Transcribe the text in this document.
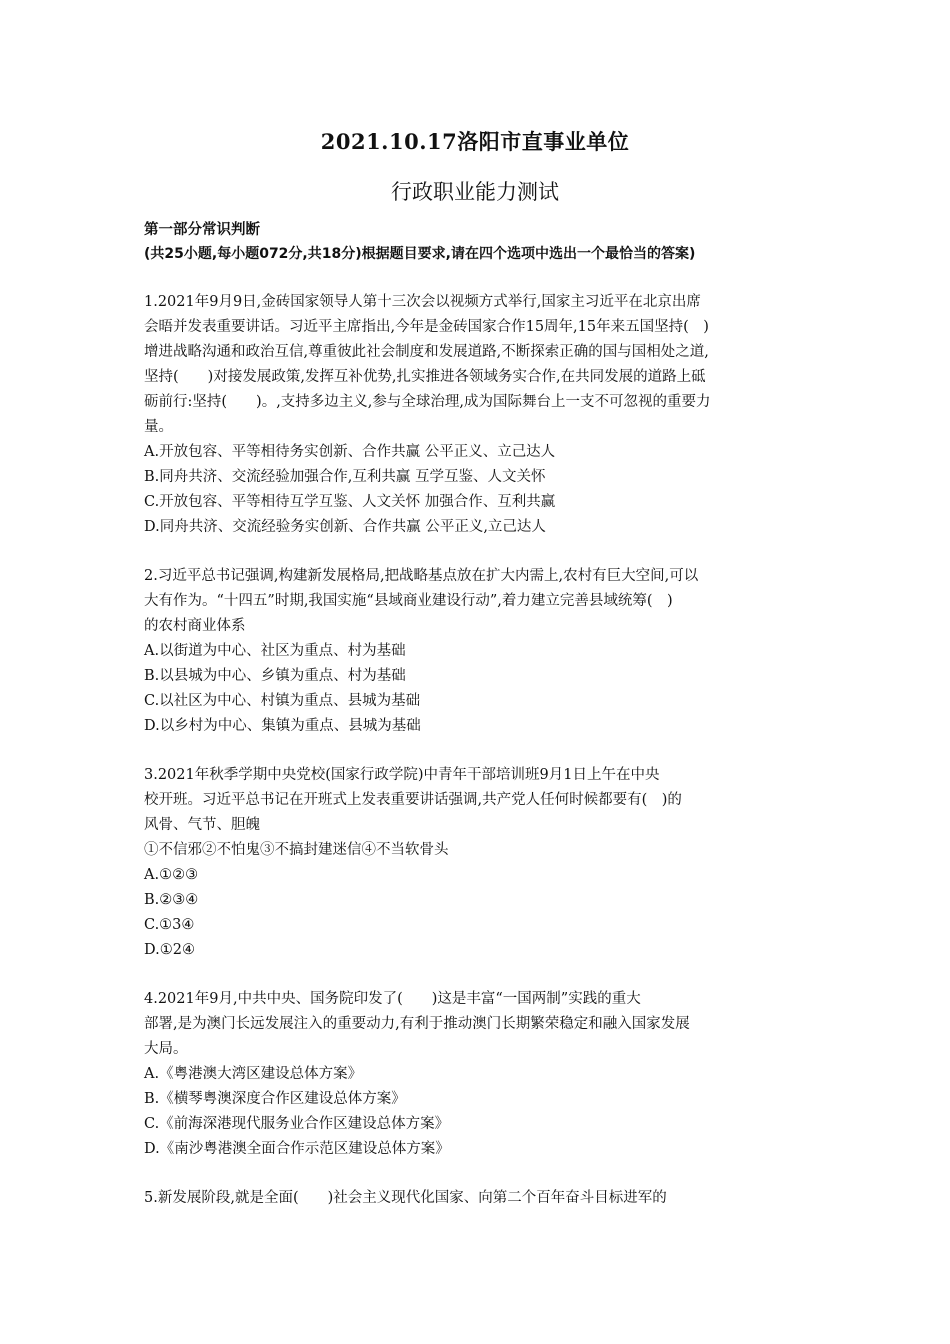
2021.10.17洛阳市直事业单位
行政职业能力测试

第一部分常识判断

(共25小题,每小题072分,共18分)根据题目要求,请在四个选项中选出一个最恰当的答案)

1.2021年9月9日,金砖国家领导人第十三次会以视频方式举行,国家主习近平在北京出席

会晤并发表重要讲话。习近平主席指出,今年是金砖国家合作15周年,15年来五国坚持(　)

增进战略沟通和政治互信,尊重彼此社会制度和发展道路,不断探索正确的国与国相处之道,

坚持(　　)对接发展政策,发挥互补优势,扎实推进各领域务实合作,在共同发展的道路上砥

砺前行:坚持(　　)。,支持多边主义,参与全球治理,成为国际舞台上一支不可忽视的重要力

量。

A.开放包容、平等相待务实创新、合作共赢 公平正义、立己达人

B.同舟共济、交流经验加强合作,互利共赢 互学互鉴、人文关怀

C.开放包容、平等相待互学互鉴、人文关怀 加强合作、互利共赢

D.同舟共济、交流经验务实创新、合作共赢 公平正义,立己达人

2.习近平总书记强调,构建新发展格局,把战略基点放在扩大内需上,农村有巨大空间,可以

大有作为。“十四五”时期,我国实施“县域商业建设行动”,着力建立完善县域统筹(　)

的农村商业体系

A.以街道为中心、社区为重点、村为基础

B.以县城为中心、乡镇为重点、村为基础

C.以社区为中心、村镇为重点、县城为基础

D.以乡村为中心、集镇为重点、县城为基础

3.2021年秋季学期中央党校(国家行政学院)中青年干部培训班9月1日上午在中央

校开班。习近平总书记在开班式上发表重要讲话强调,共产党人任何时候都要有(　)的

风骨、气节、胆魄

①不信邪②不怕鬼③不搞封建迷信④不当软骨头

A.①②③

B.②③④

C.①3④

D.①2④

4.2021年9月,中共中央、国务院印发了(　　)这是丰富“一国两制”实践的重大

部署,是为澳门长远发展注入的重要动力,有利于推动澳门长期繁荣稳定和融入国家发展

大局。

A.《粤港澳大湾区建设总体方案》

B.《横琴粤澳深度合作区建设总体方案》

C.《前海深港现代服务业合作区建设总体方案》

D.《南沙粤港澳全面合作示范区建设总体方案》

5.新发展阶段,就是全面(　　)社会主义现代化国家、向第二个百年奋斗目标进军的
